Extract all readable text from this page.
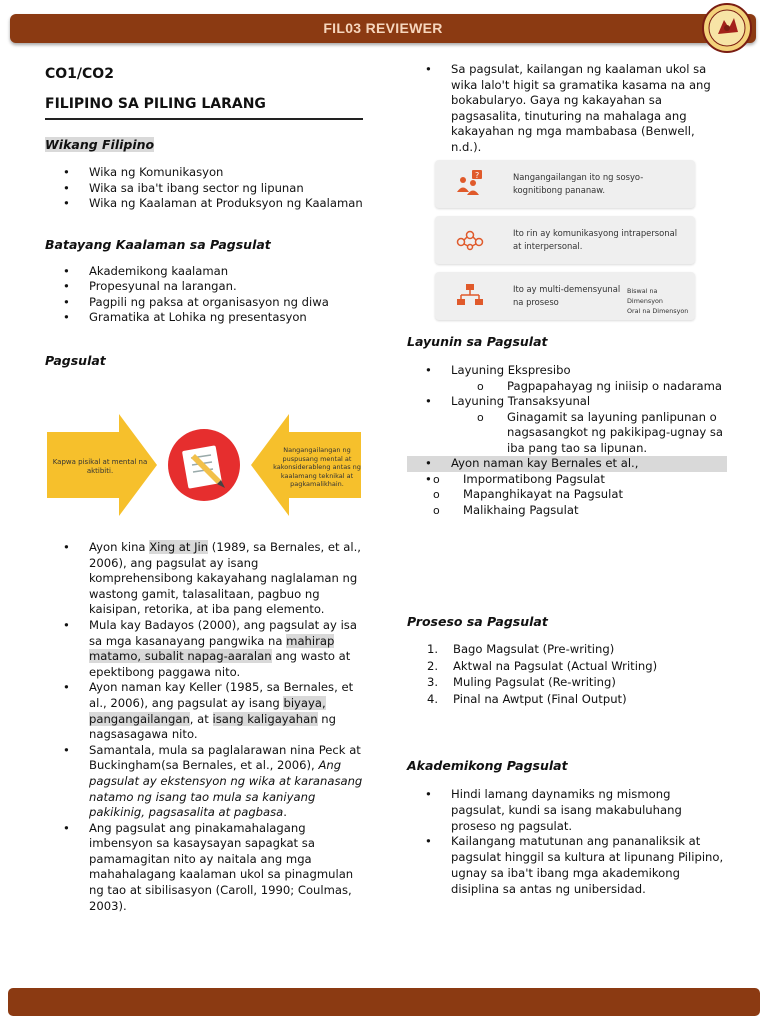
FIL03 REVIEWER
CO1/CO2
FILIPINO SA PILING LARANG
Wikang Filipino
• Wika ng Komunikasyon
• Wika sa iba't ibang sector ng lipunan
• Wika ng Kaalaman at Produksyon ng Kaalaman
Batayang Kaalaman sa Pagsulat
• Akademikong kaalaman
• Propesyunal na larangan.
• Pagpili ng paksa at organisasyon ng diwa
• Gramatika at Lohika ng presentasyon
Pagsulat
Kapwa pisikal at mental na aktibiti.
Nangangailangan ng puspusang mental at kakonsiderableng antas ng kaalamang teknikal at pagkamalikhain.
• Ayon kina Xing at Jin (1989, sa Bernales, et al., 2006), ang pagsulat ay isang komprehensibong kakayahang naglalaman ng wastong gamit, talasalitaan, pagbuo ng kaisipan, retorika, at iba pang elemento.
• Mula kay Badayos (2000), ang pagsulat ay isa sa mga kasanayang pangwika na mahirap matamo, subalit napag-aaralan ang wasto at epektibong paggawa nito.
• Ayon naman kay Keller (1985, sa Bernales, et al., 2006), ang pagsulat ay isang biyaya, pangangailangan, at isang kaligayahan ng nagsasagawa nito.
• Samantala, mula sa paglalarawan nina Peck at Buckingham(sa Bernales, et al., 2006), Ang pagsulat ay ekstensyon ng wika at karanasang natamo ng isang tao mula sa kaniyang pakikinig, pagsasalita at pagbasa.
• Ang pagsulat ang pinakamahalagang imbensyon sa kasaysayan sapagkat sa pamamagitan nito ay naitala ang mga mahahalagang kaalaman ukol sa pinagmulan ng tao at sibilisasyon (Caroll, 1990; Coulmas, 2003).
• Sa pagsulat, kailangan ng kaalaman ukol sa wika lalo't higit sa gramatika kasama na ang bokabularyo. Gaya ng kakayahan sa pagsasalita, tinuturing na mahalaga ang kakayahan ng mga mambabasa (Benwell, n.d.).
?	Nangangailangan ito ng sosyo-kognitibong pananaw.
Ito rin ay komunikasyong intrapersonal at interpersonal.
Ito ay multi-demensyunal na proseso
Biswal na Dimensyon
Oral na Dimensyon
Layunin sa Pagsulat
• Layuning Ekspresibo
o Pagpapahayag ng iniisip o nadarama
• Layuning Transaksyunal
o Ginagamit sa layuning panlipunan o nagsasangkot ng pakikipag-ugnay sa iba pang tao sa lipunan.
• Ayon naman kay Bernales et al.,
o • Impormatibong Pagsulat
o Mapanghikayat na Pagsulat
o Malikhaing Pagsulat
Proseso sa Pagsulat
1. Bago Magsulat (Pre-writing)
2. Aktwal na Pagsulat (Actual Writing)
3. Muling Pagsulat (Re-writing)
4. Pinal na Awtput (Final Output)
Akademikong Pagsulat
• Hindi lamang daynamiks ng mismong pagsulat, kundi sa isang makabuluhang proseso ng pagsulat.
• Kailangang matutunan ang pananaliksik at pagsulat hinggil sa kultura at lipunang Pilipino, ugnay sa iba't ibang mga akademikong disiplina sa antas ng unibersidad.
